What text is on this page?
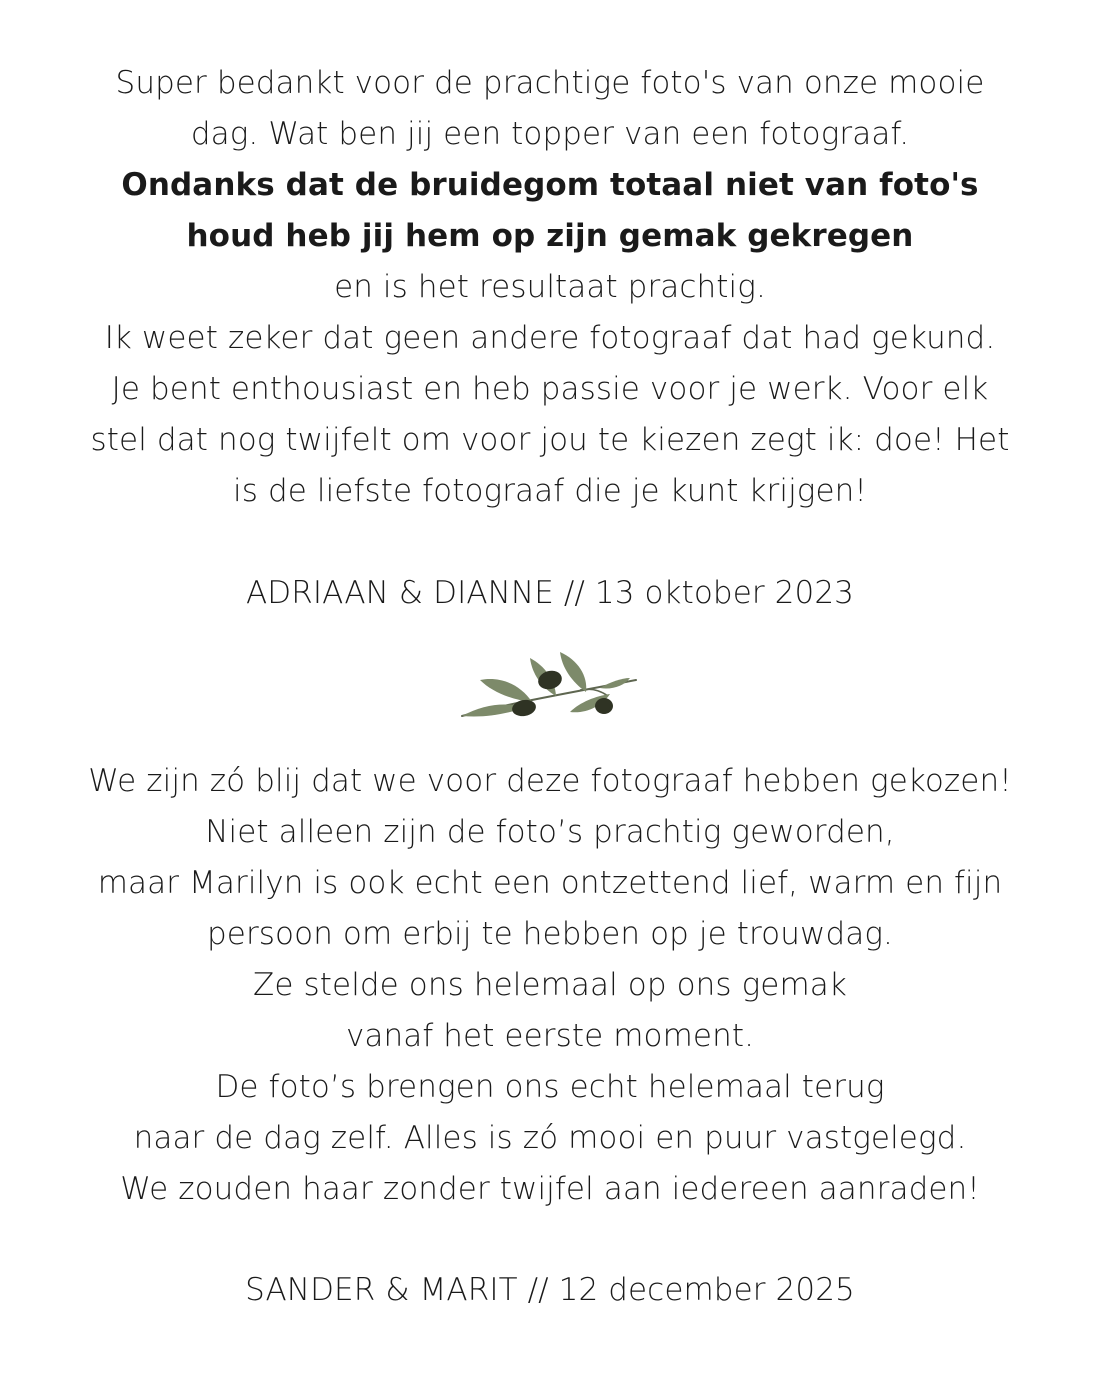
Super bedankt voor de prachtige foto's van onze mooie
dag. Wat ben jij een topper van een fotograaf.
Ondanks dat de bruidegom totaal niet van foto's
houd heb jij hem op zijn gemak gekregen
en is het resultaat prachtig.
Ik weet zeker dat geen andere fotograaf dat had gekund.
Je bent enthousiast en heb passie voor je werk. Voor elk
stel dat nog twijfelt om voor jou te kiezen zegt ik: doe! Het
is de liefste fotograaf die je kunt krijgen!
ADRIAAN & DIANNE // 13 oktober 2023
We zijn zó blij dat we voor deze fotograaf hebben gekozen!
Niet alleen zijn de foto’s prachtig geworden,
maar Marilyn is ook echt een ontzettend lief, warm en fijn
persoon om erbij te hebben op je trouwdag.
Ze stelde ons helemaal op ons gemak
vanaf het eerste moment.
De foto’s brengen ons echt helemaal terug
naar de dag zelf. Alles is zó mooi en puur vastgelegd.
We zouden haar zonder twijfel aan iedereen aanraden!
SANDER & MARIT // 12 december 2025
